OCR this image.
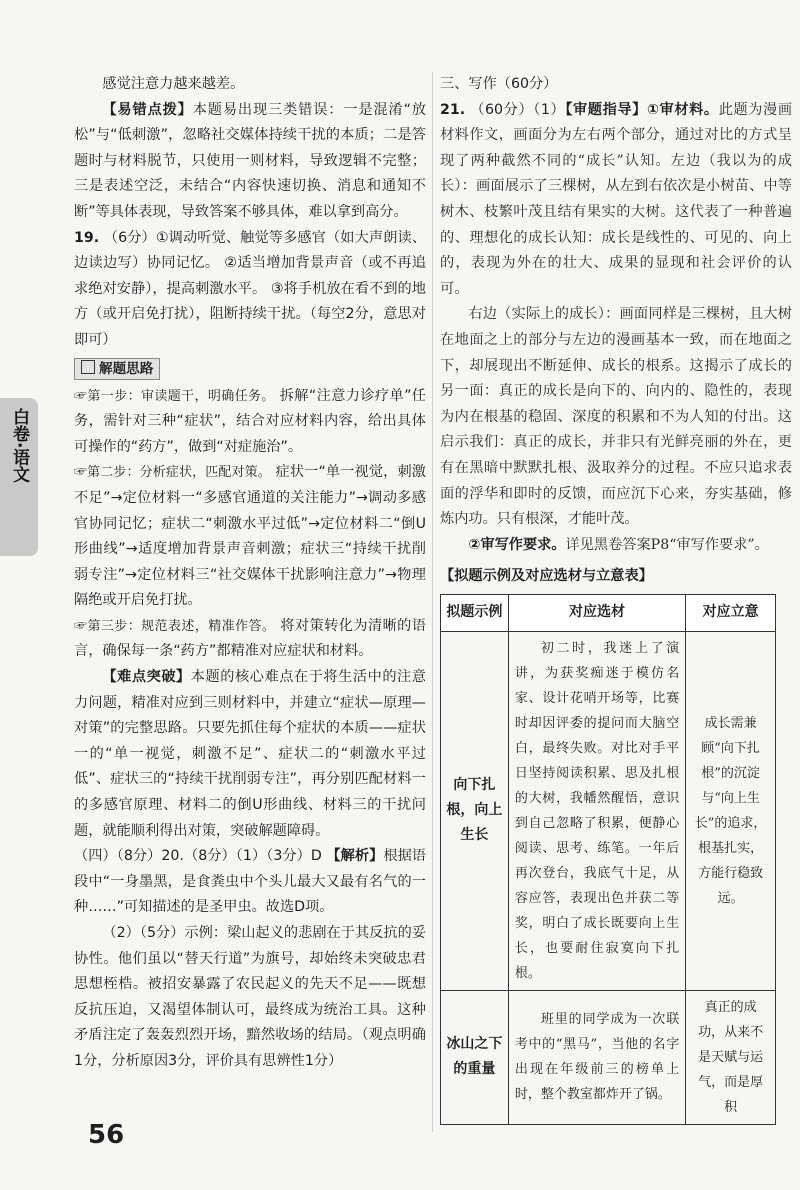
白卷·语文

感觉注意力越来越差。

【易错点拨】本题易出现三类错误：一是混淆“放松”与“低刺激”，忽略社交媒体持续干扰的本质；二是答题时与材料脱节，只使用一则材料，导致逻辑不完整；三是表述空泛，未结合“内容快速切换、消息和通知不断”等具体表现，导致答案不够具体，难以拿到高分。

19. （6分）①调动听觉、触觉等多感官（如大声朗读、边读边写）协同记忆。 ②适当增加背景声音（或不再追求绝对安静），提高刺激水平。 ③将手机放在看不到的地方（或开启免打扰），阻断持续干扰。（每空2分，意思对即可）

解题思路

☞第一步：审读题干，明确任务。 拆解“注意力诊疗单”任务，需针对三种“症状”，结合对应材料内容，给出具体可操作的“药方”，做到“对症施治”。

☞第二步：分析症状，匹配对策。 症状一“单一视觉，刺激不足”→定位材料一“多感官通道的关注能力”→调动多感官协同记忆；症状二“刺激水平过低”→定位材料二“倒U形曲线”→适度增加背景声音刺激；症状三“持续干扰削弱专注”→定位材料三“社交媒体干扰影响注意力”→物理隔绝或开启免打扰。

☞第三步：规范表述，精准作答。 将对策转化为清晰的语言，确保每一条“药方”都精准对应症状和材料。

【难点突破】本题的核心难点在于将生活中的注意力问题，精准对应到三则材料中，并建立“症状—原理—对策”的完整思路。只要先抓住每个症状的本质——症状一的“单一视觉，刺激不足”、症状二的“刺激水平过低”、症状三的“持续干扰削弱专注”，再分别匹配材料一的多感官原理、材料二的倒U形曲线、材料三的干扰问题，就能顺利得出对策，突破解题障碍。

（四）（8分）20.（8分）（1）（3分）D 【解析】根据语段中“一身墨黑，是食粪虫中个头儿最大又最有名气的一种……”可知描述的是圣甲虫。故选D项。

（2）（5分）示例：梁山起义的悲剧在于其反抗的妥协性。他们虽以“替天行道”为旗号，却始终未突破忠君思想桎梏。被招安暴露了农民起义的先天不足——既想反抗压迫，又渴望体制认可，最终成为统治工具。这种矛盾注定了轰轰烈烈开场，黯然收场的结局。（观点明确1分，分析原因3分，评价具有思辨性1分）

三、写作（60分）

21. （60分）（1）【审题指导】①审材料。此题为漫画材料作文，画面分为左右两个部分，通过对比的方式呈现了两种截然不同的“成长”认知。左边（我以为的成长）：画面展示了三棵树，从左到右依次是小树苗、中等树木、枝繁叶茂且结有果实的大树。这代表了一种普遍的、理想化的成长认知：成长是线性的、可见的、向上的，表现为外在的壮大、成果的显现和社会评价的认可。

右边（实际上的成长）：画面同样是三棵树，且大树在地面之上的部分与左边的漫画基本一致，而在地面之下，却展现出不断延伸、成长的根系。这揭示了成长的另一面：真正的成长是向下的、向内的、隐性的，表现为内在根基的稳固、深度的积累和不为人知的付出。这启示我们：真正的成长，并非只有光鲜亮丽的外在，更有在黑暗中默默扎根、汲取养分的过程。不应只追求表面的浮华和即时的反馈，而应沉下心来，夯实基础，修炼内功。只有根深，才能叶茂。

②审写作要求。详见黑卷答案P8“审写作要求”。

【拟题示例及对应选材与立意表】

拟题示例	对应选材	对应立意
向下扎根，向上生长	初二时，我迷上了演讲，为获奖痴迷于模仿名家、设计花哨开场等，比赛时却因评委的提问而大脑空白，最终失败。对比对手平日坚持阅读积累、思及扎根的大树，我幡然醒悟，意识到自己忽略了积累，便静心阅读、思考、练笔。一年后再次登台，我底气十足，从容应答，表现出色并获二等奖，明白了成长既要向上生长，也要耐住寂寞向下扎根。	成长需兼顾“向下扎根”的沉淀与“向上生长”的追求，根基扎实，方能行稳致远。
冰山之下的重量	班里的同学成为一次联考中的“黑马”，当他的名字出现在年级前三的榜单上时，整个教室都炸开了锅。	真正的成功，从来不是天赋与运气，而是厚积
56
